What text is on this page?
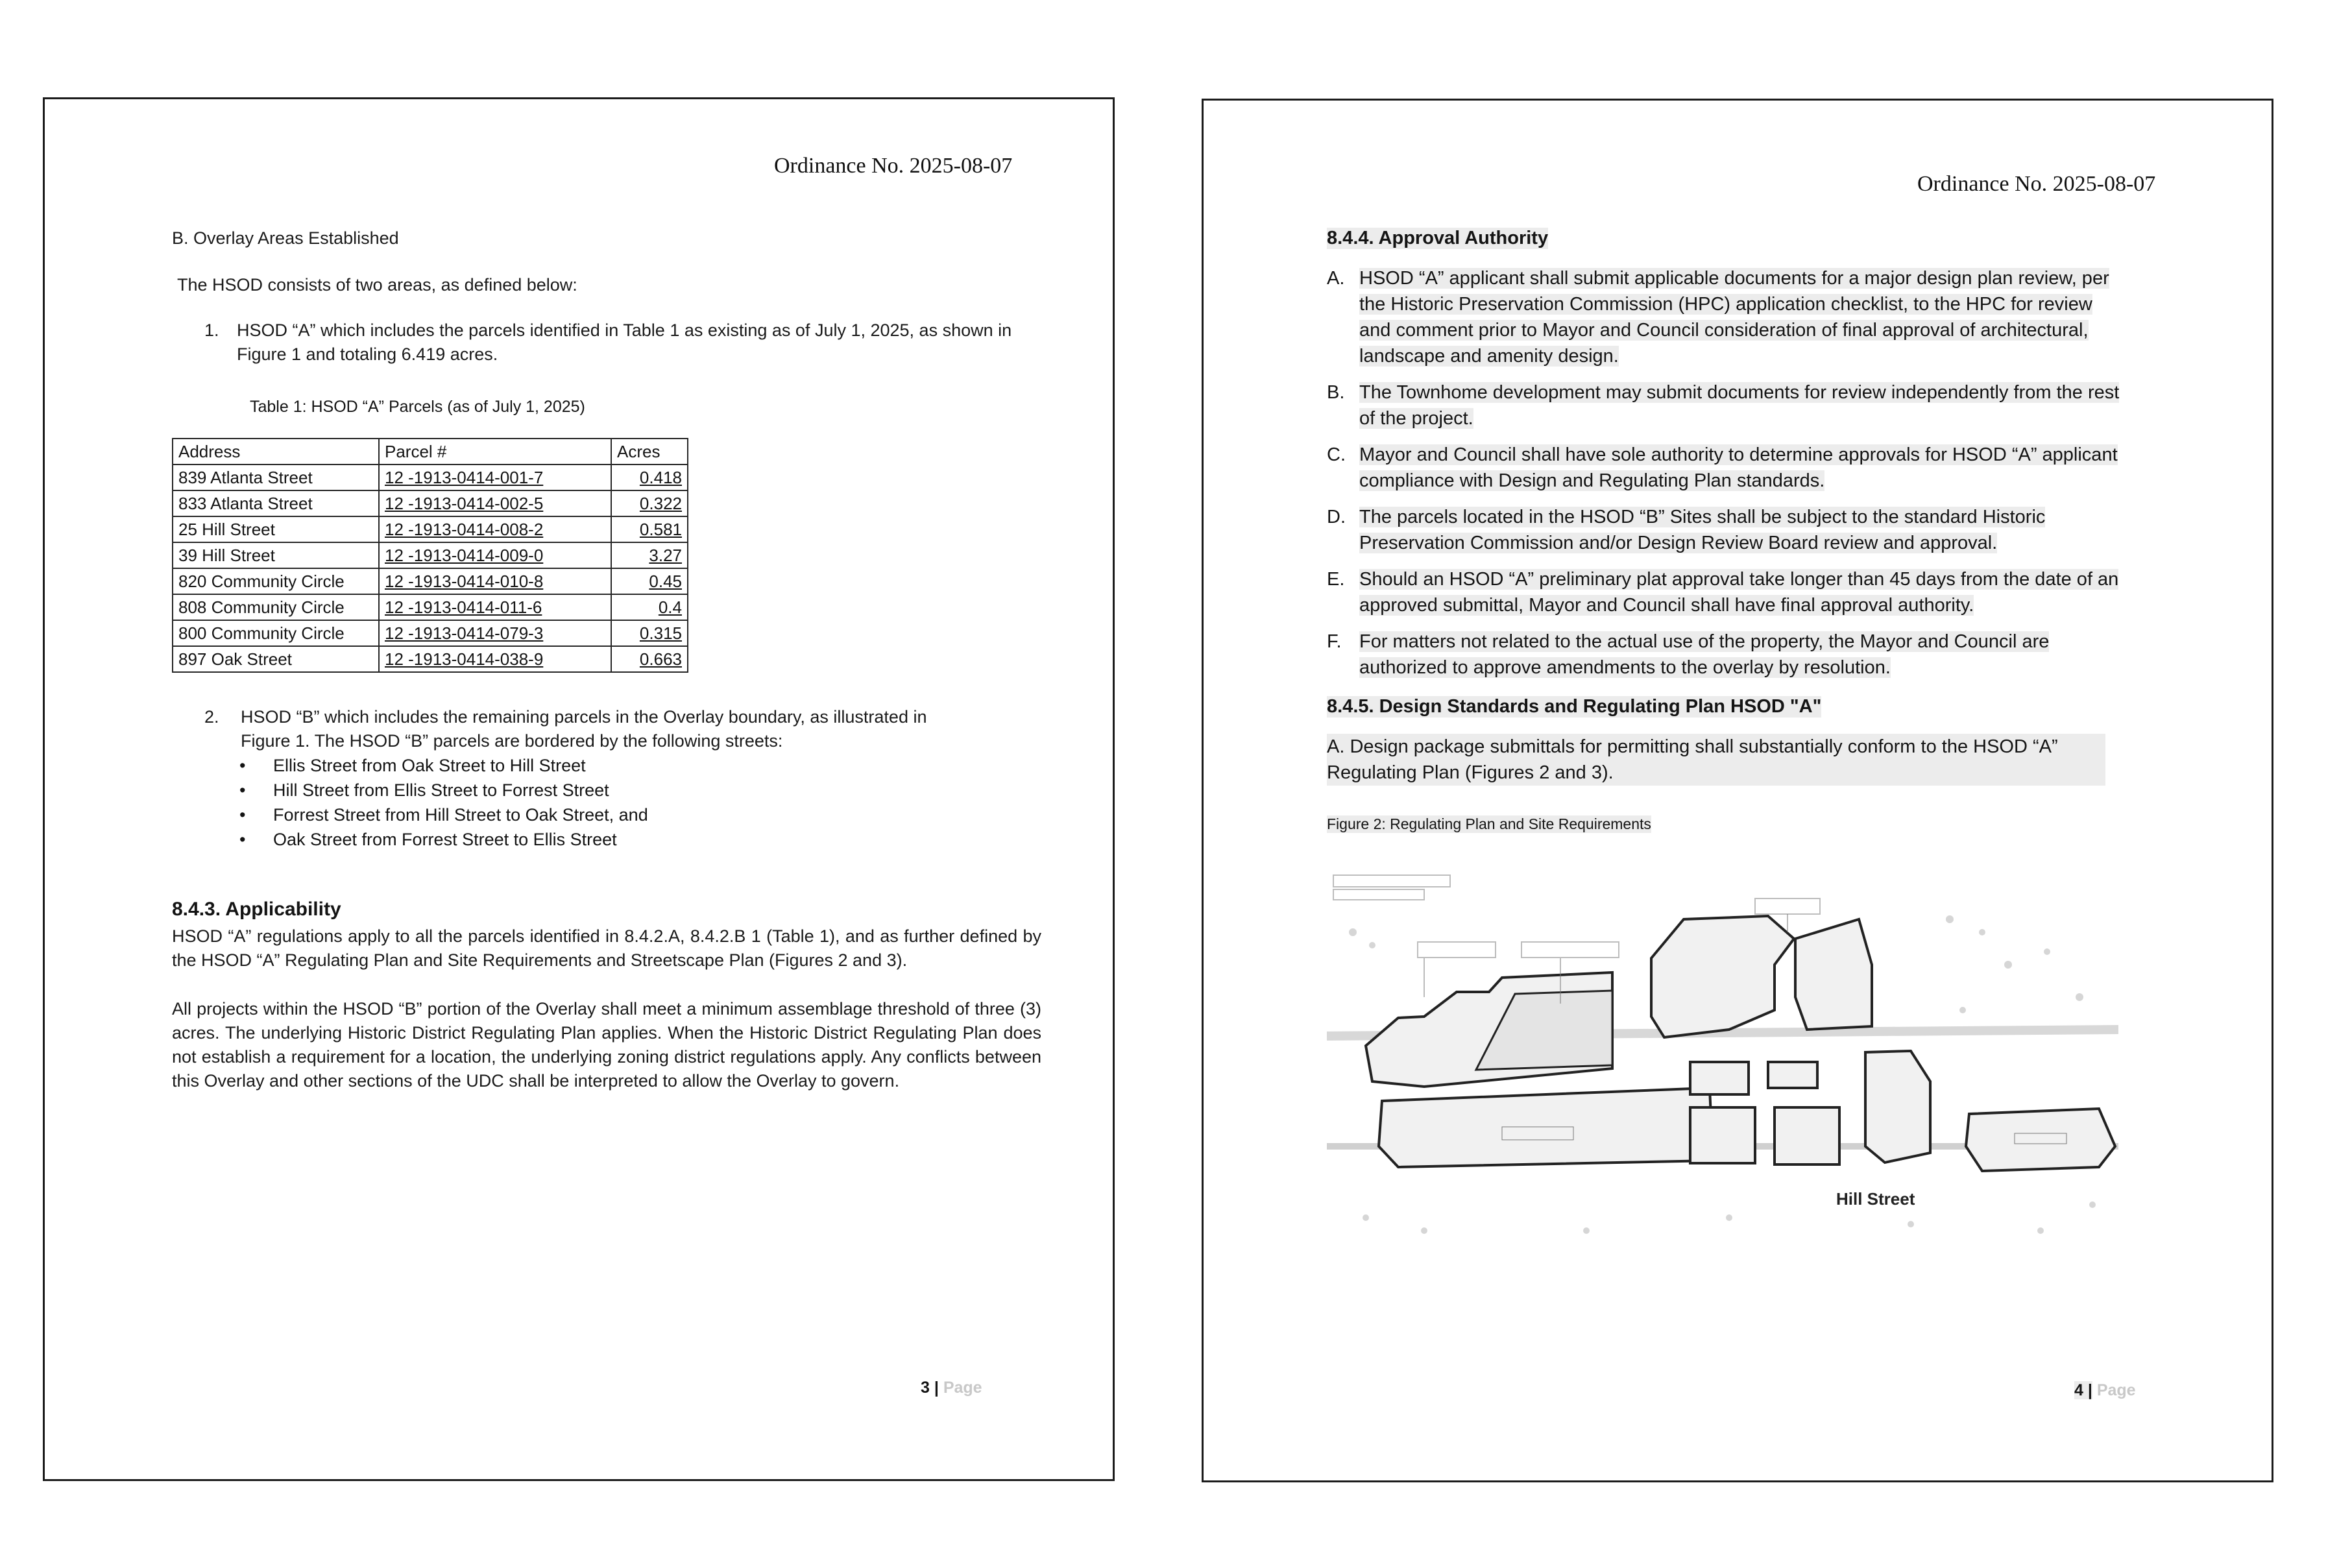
Ordinance No. 2025-08-07
B. Overlay Areas Established
The HSOD consists of two areas, as defined below:
1. HSOD “A” which includes the parcels identified in Table 1 as existing as of July 1, 2025, as shown in Figure 1 and totaling 6.419 acres.
Table 1: HSOD “A” Parcels (as of July 1, 2025)
Address	Parcel #	Acres
839 Atlanta Street	12 -1913-0414-001-7	0.418
833 Atlanta Street	12 -1913-0414-002-5	0.322
25 Hill Street	12 -1913-0414-008-2	0.581
39 Hill Street	12 -1913-0414-009-0	3.27
820 Community Circle	12 -1913-0414-010-8	0.45
808 Community Circle	12 -1913-0414-011-6	0.4
800 Community Circle	12 -1913-0414-079-3	0.315
897 Oak Street	12 -1913-0414-038-9	0.663
2. HSOD “B” which includes the remaining parcels in the Overlay boundary, as illustrated in Figure 1. The HSOD “B” parcels are bordered by the following streets:
• Ellis Street from Oak Street to Hill Street
• Hill Street from Ellis Street to Forrest Street
• Forrest Street from Hill Street to Oak Street, and
• Oak Street from Forrest Street to Ellis Street
8.4.3. Applicability
HSOD “A” regulations apply to all the parcels identified in 8.4.2.A, 8.4.2.B 1 (Table 1), and as further defined by the HSOD “A” Regulating Plan and Site Requirements and Streetscape Plan (Figures 2 and 3).
All projects within the HSOD “B” portion of the Overlay shall meet a minimum assemblage threshold of three (3) acres. The underlying Historic District Regulating Plan applies. When the Historic District Regulating Plan does not establish a requirement for a location, the underlying zoning district regulations apply. Any conflicts between this Overlay and other sections of the UDC shall be interpreted to allow the Overlay to govern.
3 | Page
Ordinance No. 2025-08-07
8.4.4. Approval Authority
A. HSOD “A” applicant shall submit applicable documents for a major design plan review, per the Historic Preservation Commission (HPC) application checklist, to the HPC for review and comment prior to Mayor and Council consideration of final approval of architectural, landscape and amenity design.
B. The Townhome development may submit documents for review independently from the rest of the project.
C. Mayor and Council shall have sole authority to determine approvals for HSOD “A” applicant compliance with Design and Regulating Plan standards.
D. The parcels located in the HSOD “B” Sites shall be subject to the standard Historic Preservation Commission and/or Design Review Board review and approval.
E. Should an HSOD “A” preliminary plat approval take longer than 45 days from the date of an approved submittal, Mayor and Council shall have final approval authority.
F. For matters not related to the actual use of the property, the Mayor and Council are authorized to approve amendments to the overlay by resolution.
8.4.5. Design Standards and Regulating Plan HSOD "A"
A. Design package submittals for permitting shall substantially conform to the HSOD “A” Regulating Plan (Figures 2 and 3).
Figure 2: Regulating Plan and Site Requirements
Hill Street
4 | Page
